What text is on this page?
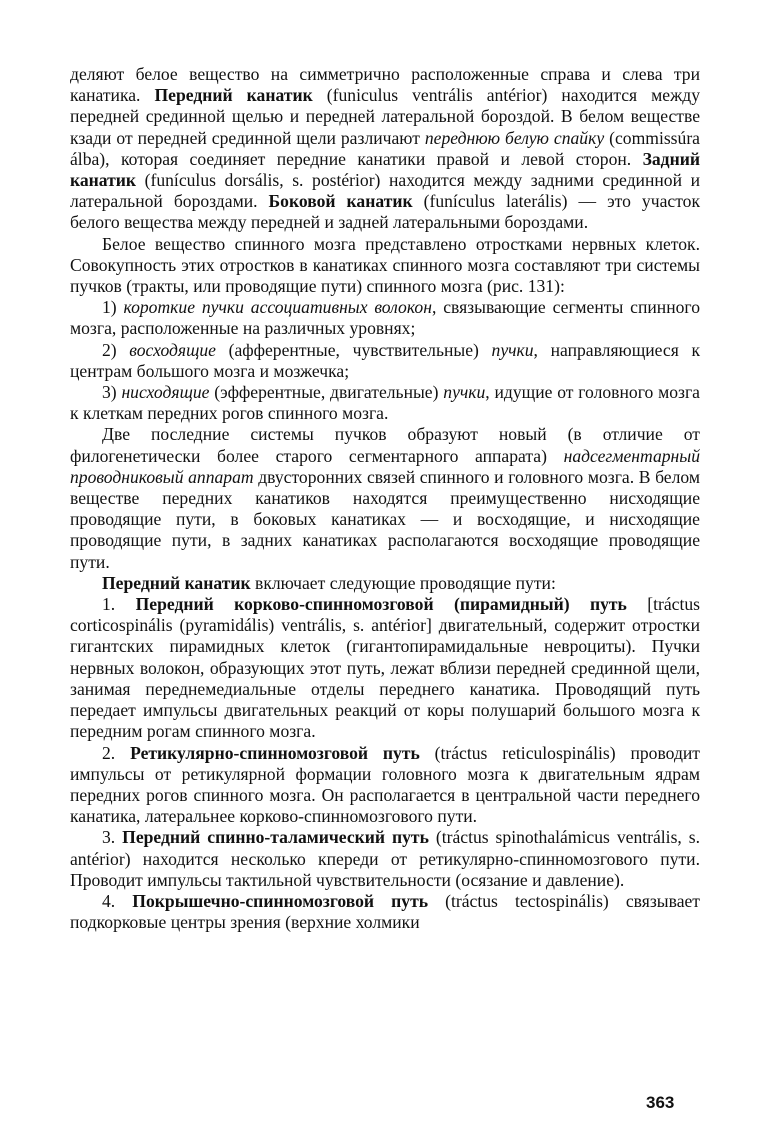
деляют белое вещество на симметрично расположенные справа и слева три канатика. Передний канатик (funiculus ventrális antérior) находится между передней срединной щелью и передней латеральной бороздой. В белом веществе кзади от передней срединной щели различают переднюю белую спайку (commissúra álba), которая соединяет передние канатики правой и левой сторон. Задний канатик (funículus dorsális, s. postérior) находится между задними срединной и латеральной бороздами. Боковой канатик (funículus laterális) — это участок белого вещества между передней и задней латеральными бороздами.

Белое вещество спинного мозга представлено отростками нервных клеток. Совокупность этих отростков в канатиках спинного мозга составляют три системы пучков (тракты, или проводящие пути) спинного мозга (рис. 131):

1) короткие пучки ассоциативных волокон, связывающие сегменты спинного мозга, расположенные на различных уровнях;

2) восходящие (афферентные, чувствительные) пучки, направляющиеся к центрам большого мозга и мозжечка;

3) нисходящие (эфферентные, двигательные) пучки, идущие от головного мозга к клеткам передних рогов спинного мозга.

Две последние системы пучков образуют новый (в отличие от филогенетически более старого сегментарного аппарата) надсегментарный проводниковый аппарат двусторонних связей спинного и головного мозга. В белом веществе передних канатиков находятся преимущественно нисходящие проводящие пути, в боковых канатиках — и восходящие, и нисходящие проводящие пути, в задних канатиках располагаются восходящие проводящие пути.

Передний канатик включает следующие проводящие пути:

1. Передний корково-спинномозговой (пирамидный) путь [tráctus corticospinális (pyramidális) ventrális, s. antérior] двигательный, содержит отростки гигантских пирамидных клеток (гигантопирамидальные невроциты). Пучки нервных волокон, образующих этот путь, лежат вблизи передней срединной щели, занимая переднемедиальные отделы переднего канатика. Проводящий путь передает импульсы двигательных реакций от коры полушарий большого мозга к передним рогам спинного мозга.

2. Ретикулярно-спинномозговой путь (tráctus reticulospinális) проводит импульсы от ретикулярной формации головного мозга к двигательным ядрам передних рогов спинного мозга. Он располагается в центральной части переднего канатика, латеральнее корково-спинномозгового пути.

3. Передний спинно-таламический путь (tráctus spinothalámicus ventrális, s. antérior) находится несколько кпереди от ретикулярно-спинномозгового пути. Проводит импульсы тактильной чувствительности (осязание и давление).

4. Покрышечно-спинномозговой путь (tráctus tectospinális) связывает подкорковые центры зрения (верхние холмики

363
